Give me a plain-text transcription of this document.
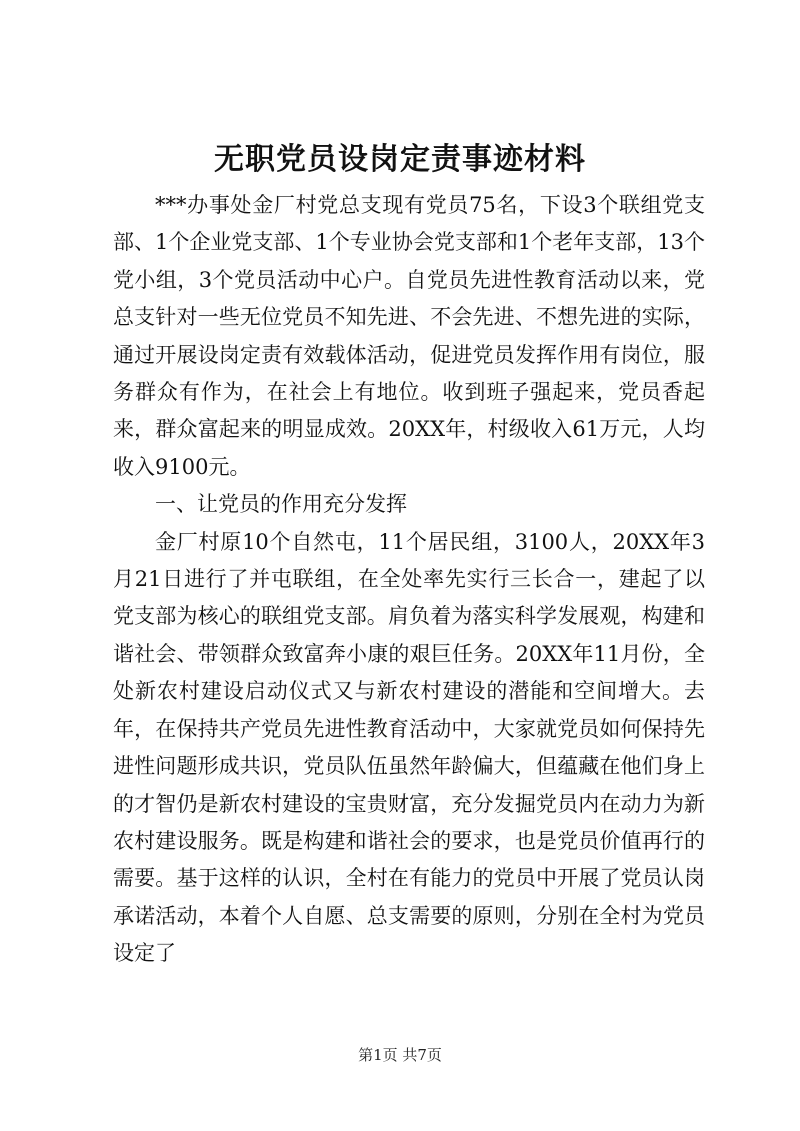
无职党员设岗定责事迹材料

***办事处金厂村党总支现有党员75名，下设3个联组党支部、1个企业党支部、1个专业协会党支部和1个老年支部，13个党小组，3个党员活动中心户。自党员先进性教育活动以来，党总支针对一些无位党员不知先进、不会先进、不想先进的实际，通过开展设岗定责有效载体活动，促进党员发挥作用有岗位，服务群众有作为，在社会上有地位。收到班子强起来，党员香起来，群众富起来的明显成效。20XX年，村级收入61万元，人均收入9100元。

一、让党员的作用充分发挥

金厂村原10个自然屯，11个居民组，3100人，20XX年3月21日进行了并屯联组，在全处率先实行三长合一，建起了以党支部为核心的联组党支部。肩负着为落实科学发展观，构建和谐社会、带领群众致富奔小康的艰巨任务。20XX年11月份，全处新农村建设启动仪式又与新农村建设的潜能和空间增大。去年，在保持共产党员先进性教育活动中，大家就党员如何保持先进性问题形成共识，党员队伍虽然年龄偏大，但蕴藏在他们身上的才智仍是新农村建设的宝贵财富，充分发掘党员内在动力为新农村建设服务。既是构建和谐社会的要求，也是党员价值再行的需要。基于这样的认识，全村在有能力的党员中开展了党员认岗承诺活动，本着个人自愿、总支需要的原则，分别在全村为党员设定了

第1页 共7页
